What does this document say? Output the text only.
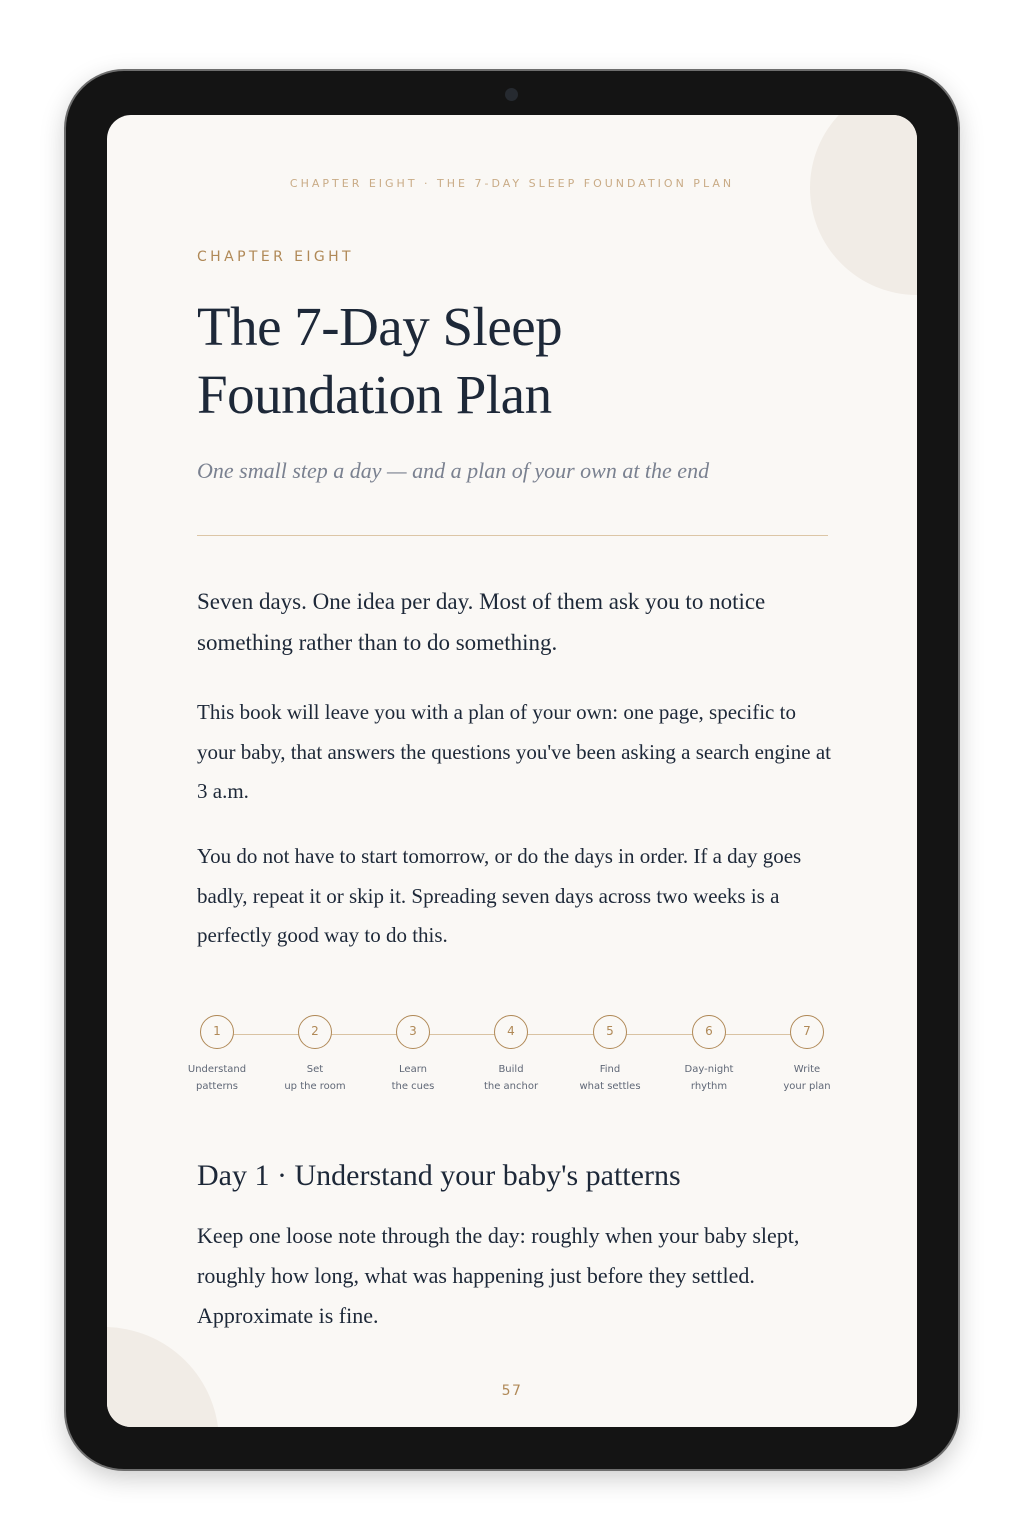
CHAPTER EIGHT · THE 7-DAY SLEEP FOUNDATION PLAN
CHAPTER EIGHT
The 7-Day Sleep Foundation Plan
One small step a day — and a plan of your own at the end

Seven days. One idea per day. Most of them ask you to notice something rather than to do something.

This book will leave you with a plan of your own: one page, specific to your baby, that answers the questions you've been asking a search engine at 3 a.m.

You do not have to start tomorrow, or do the days in order. If a day goes badly, repeat it or skip it. Spreading seven days across two weeks is a perfectly good way to do this.

1
Understand
patterns
2
Set
up the room
3
Learn
the cues
4
Build
the anchor
5
Find
what settles
6
Day-night
rhythm
7
Write
your plan
Day 1 · Understand your baby's patterns

Keep one loose note through the day: roughly when your baby slept, roughly how long, what was happening just before they settled. Approximate is fine.

57
